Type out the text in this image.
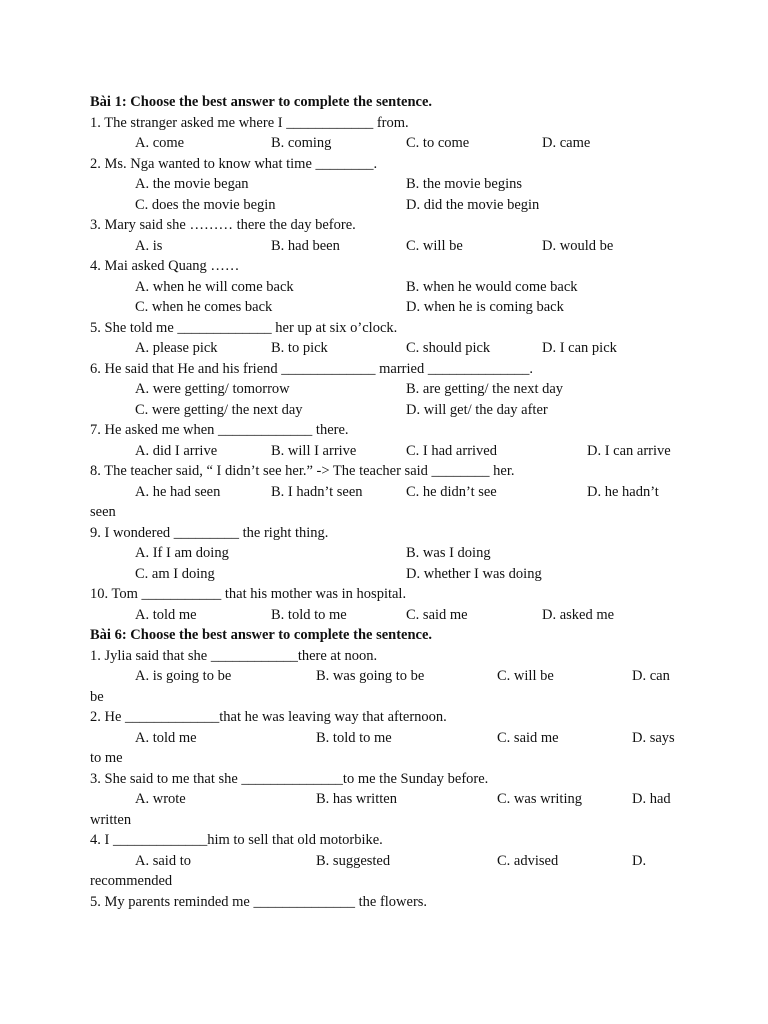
Bài 1: Choose the best answer to complete the sentence.
1. The stranger asked me where I ____________ from.
A. come	B. coming	C. to come	D. came
2. Ms. Nga wanted to know what time ________.
A. the movie began	B. the movie begins
C. does the movie begin	D. did the movie begin
3. Mary said she ……… there the day before.
A. is	B. had been	C. will be	D. would be
4. Mai asked Quang ……
A. when he will come back	B. when he would come back
C. when he comes back	D. when he is coming back
5. She told me _____________ her up at six o’clock.
A. please pick	B. to pick	C. should pick	D. I can pick
6. He said that He and his friend _____________ married ______________.
A. were getting/ tomorrow	B. are getting/ the next day
C. were getting/ the next day	D. will get/ the day after
7. He asked me when _____________ there.
A. did I arrive	B. will I arrive	C. I had arrived	D. I can arrive
8. The teacher said, “ I didn’t see her.” -> The teacher said ________ her.
A. he had seen	B. I hadn’t seen	C. he didn’t see	D. he hadn’t
seen
9. I wondered _________ the right thing.
A. If I am doing	B. was I doing
C. am I doing	D. whether I was doing
10. Tom ___________ that his mother was in hospital.
A. told me	B. told to me	C. said me	D. asked me
Bài 6: Choose the best answer to complete the sentence.
1. Jylia said that she ____________there at noon.
A. is going to be	B. was going to be	C. will be	D. can
be
2. He _____________that he was leaving way that afternoon.
A. told me	B. told to me	C. said me	D. says
to me
3. She said to me that she ______________to me the Sunday before.
A. wrote	B. has written	C. was writing	D. had
written
4. I _____________him to sell that old motorbike.
A. said to	B. suggested	C. advised	D.
recommended
5. My parents reminded me ______________ the flowers.
